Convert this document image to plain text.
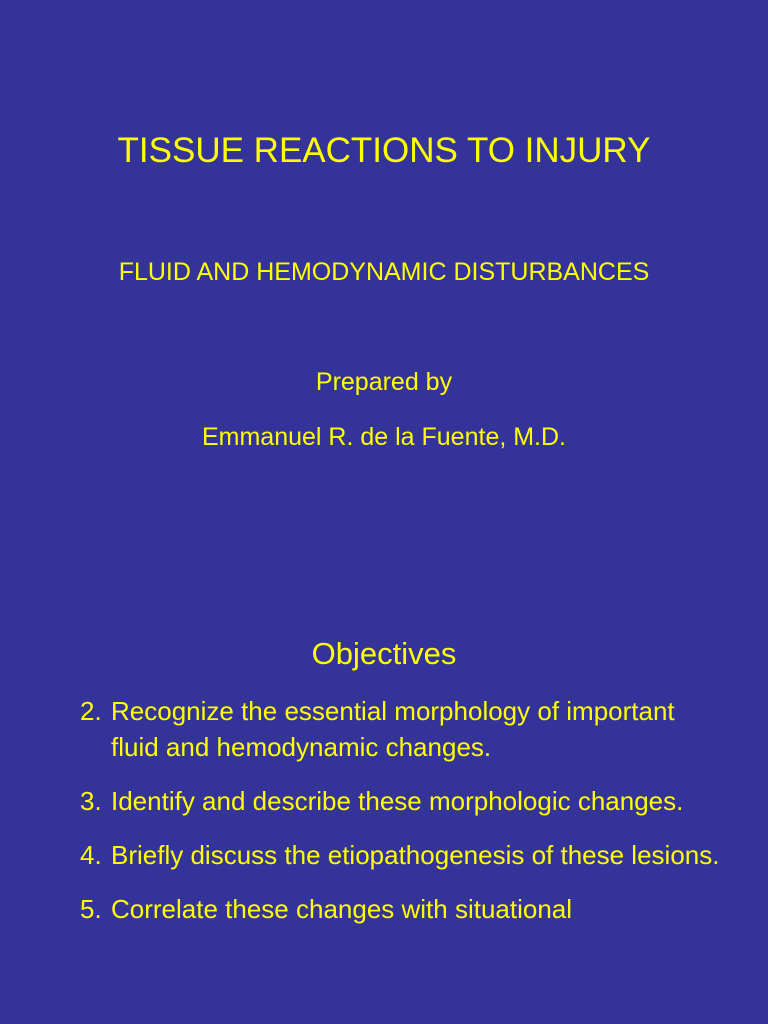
TISSUE REACTIONS TO INJURY
FLUID AND HEMODYNAMIC DISTURBANCES
Prepared by
Emmanuel R. de la Fuente, M.D.
Objectives
2. Recognize the essential morphology of important fluid and hemodynamic changes.
3. Identify and describe these morphologic changes.
4. Briefly discuss the etiopathogenesis of these lesions.
5. Correlate these changes with situational
